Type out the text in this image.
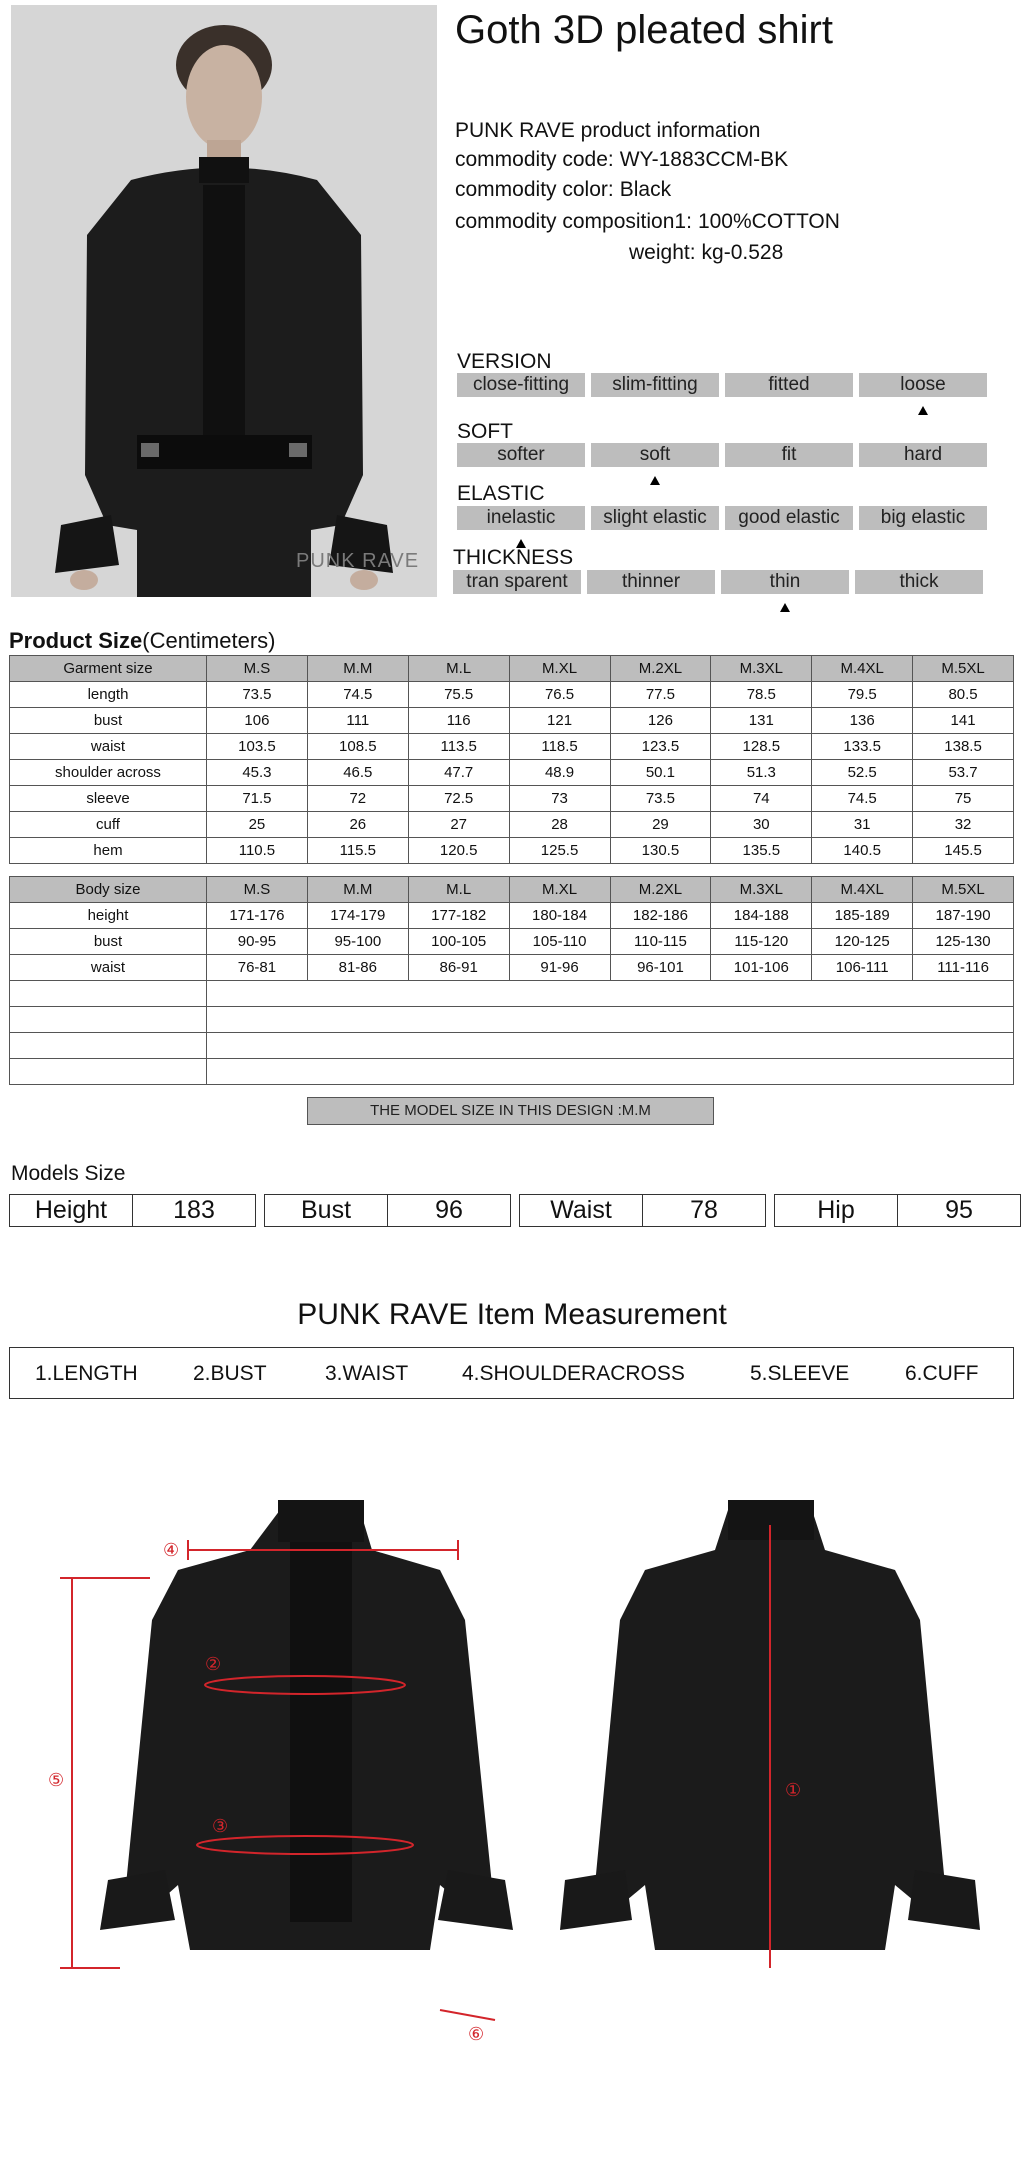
PUNK RAVE
Goth 3D pleated shirt
PUNK RAVE product information
commodity code: WY-1883CCM-BK
commodity color: Black
commodity composition1: 100%COTTON
weight: kg-0.528
VERSION
close-fitting	slim-fitting	fitted	loose
SOFT
softer	soft	fit	hard
ELASTIC
inelastic	slight elastic	good elastic	big elastic
THICKNESS
tran sparent	thinner	thin	thick
Product Size(Centimeters)
Garment size	M.S	M.M	M.L	M.XL	M.2XL	M.3XL	M.4XL	M.5XL
length	73.5	74.5	75.5	76.5	77.5	78.5	79.5	80.5
bust	106	111	116	121	126	131	136	141
waist	103.5	108.5	113.5	118.5	123.5	128.5	133.5	138.5
shoulder across	45.3	46.5	47.7	48.9	50.1	51.3	52.5	53.7
sleeve	71.5	72	72.5	73	73.5	74	74.5	75
cuff	25	26	27	28	29	30	31	32
hem	110.5	115.5	120.5	125.5	130.5	135.5	140.5	145.5
Body size	M.S	M.M	M.L	M.XL	M.2XL	M.3XL	M.4XL	M.5XL
height	171-176	174-179	177-182	180-184	182-186	184-188	185-189	187-190
bust	90-95	95-100	100-105	105-110	110-115	115-120	120-125	125-130
waist	76-81	81-86	86-91	91-96	96-101	101-106	106-111	111-116

THE MODEL SIZE IN THIS DESIGN :M.M
Models Size
Height	183	Bust	96	Waist	78	Hip	95
PUNK RAVE Item Measurement
1.LENGTH	2.BUST	3.WAIST	4.SHOULDERACROSS	5.SLEEVE	6.CUFF
①
②
③
④
⑤
⑥
